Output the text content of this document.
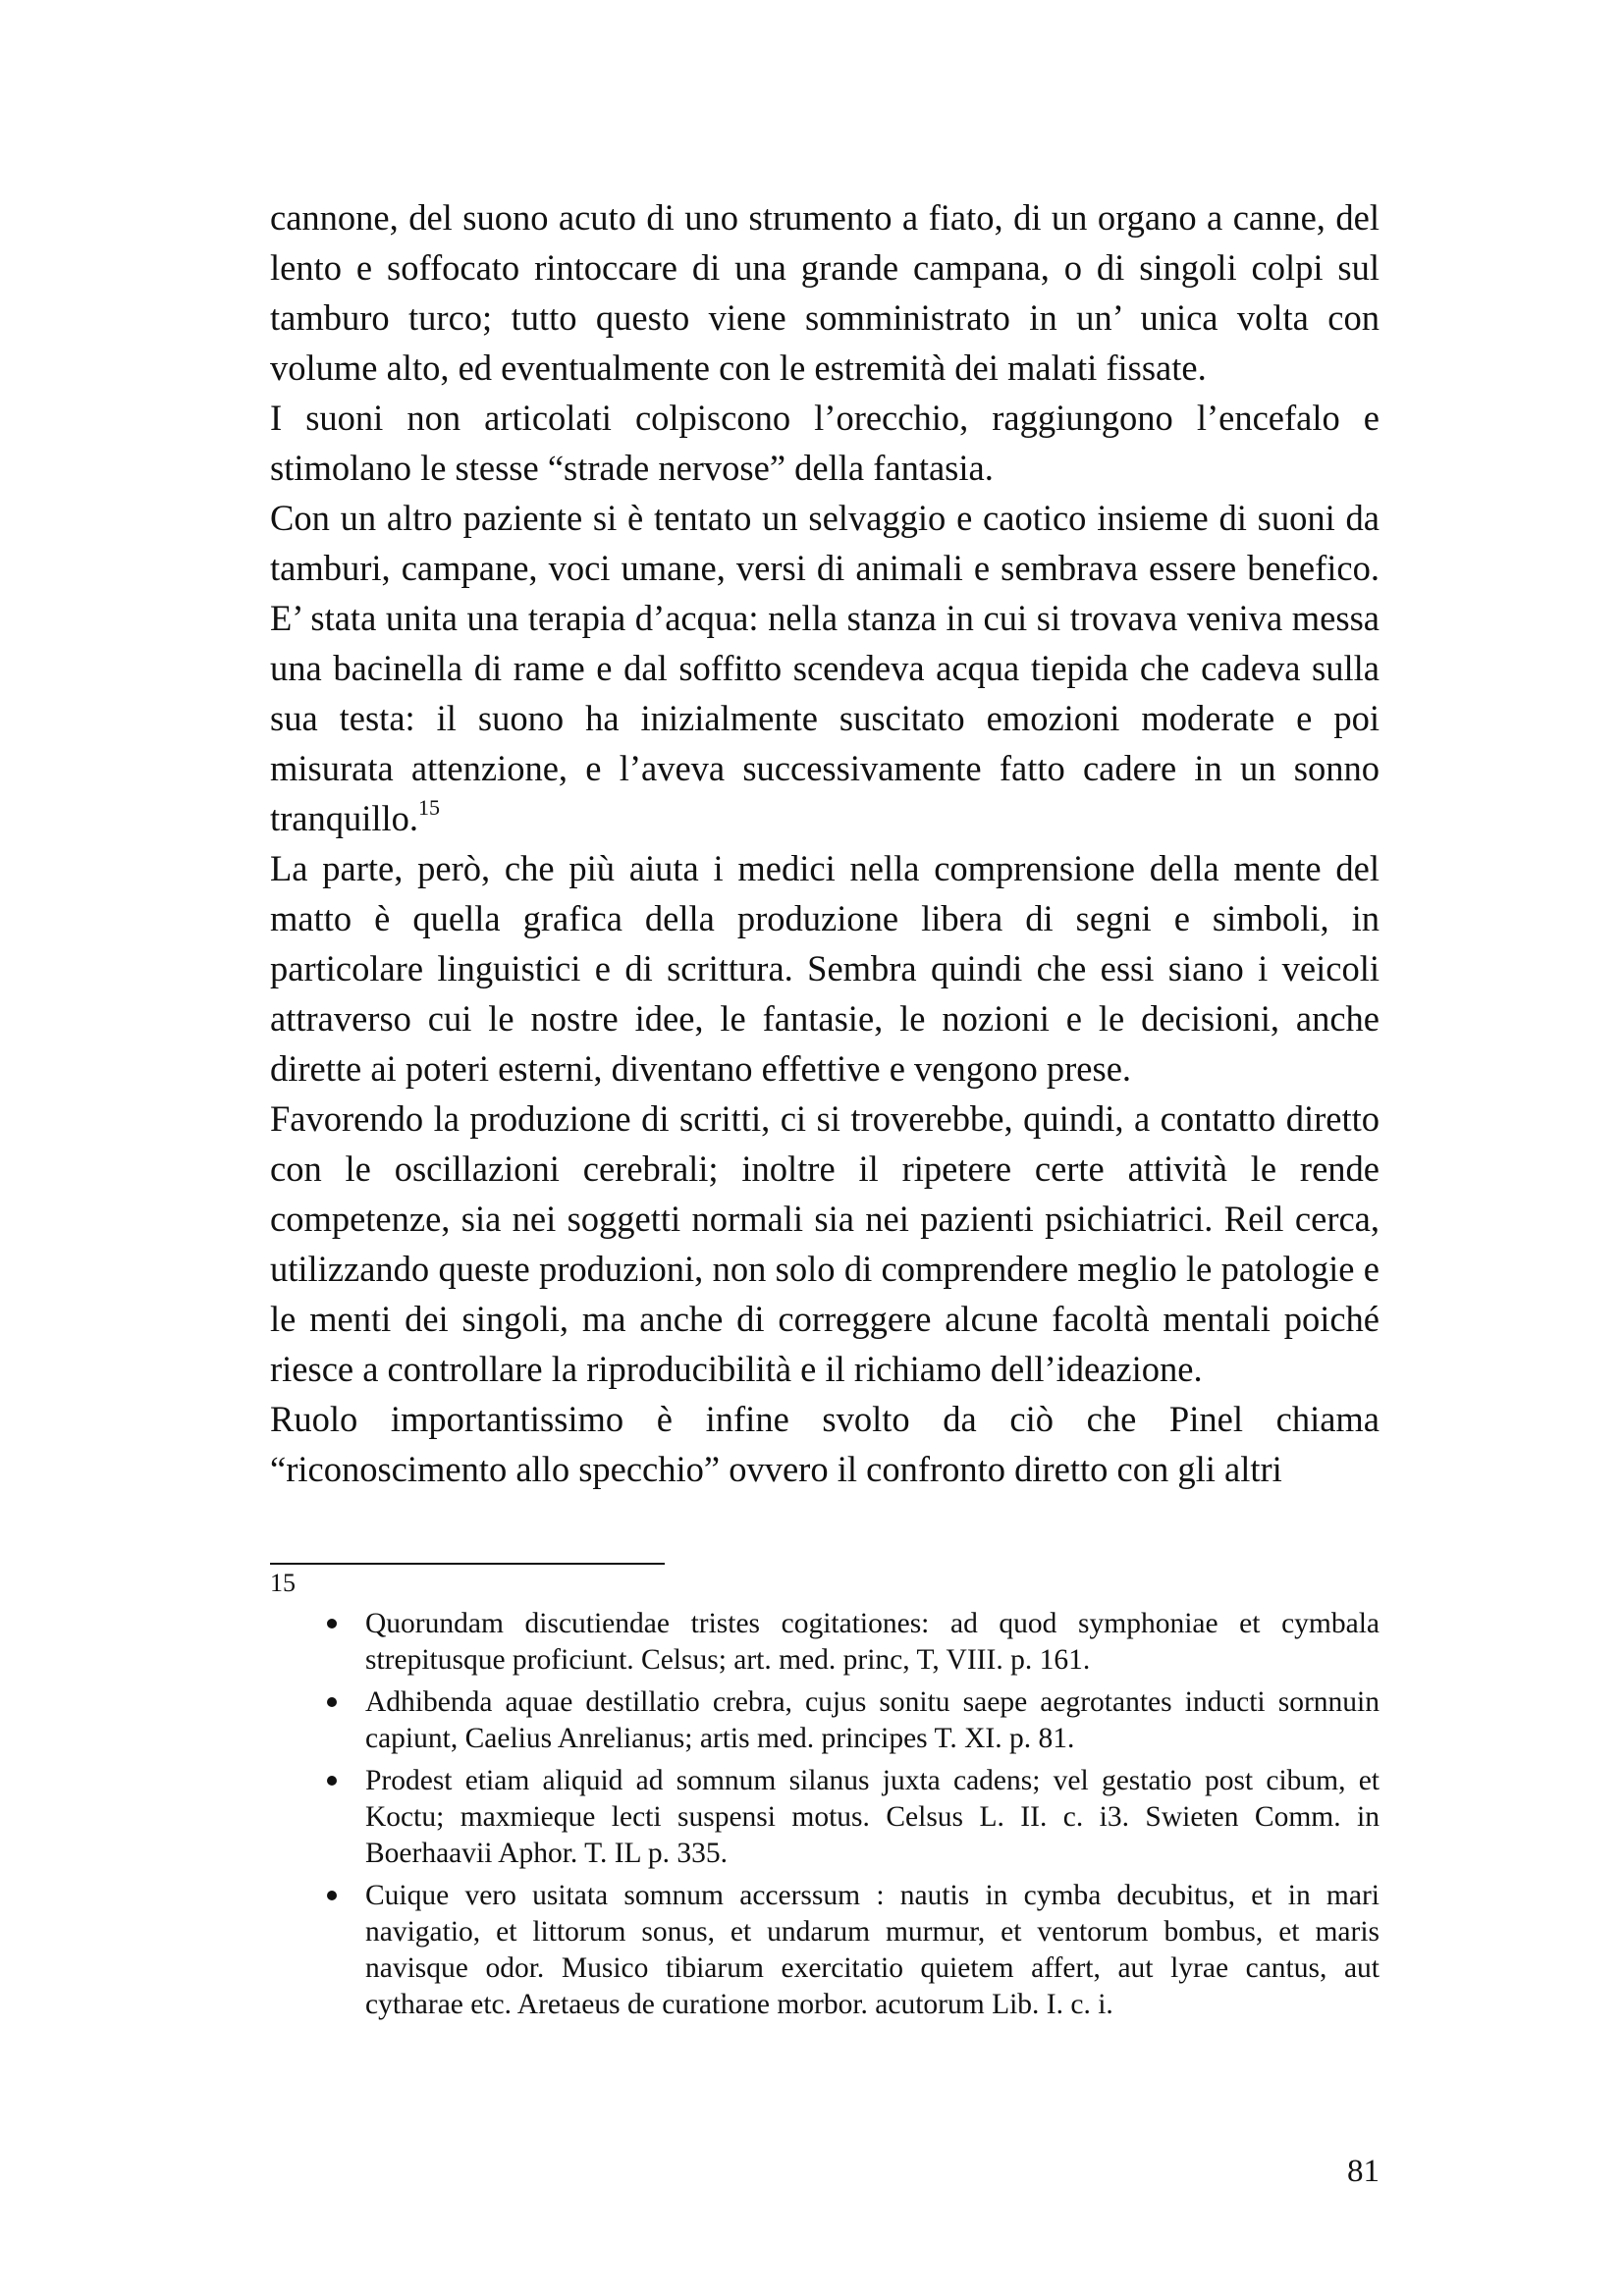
cannone, del suono acuto di uno strumento a fiato, di un organo a canne, del lento e soffocato rintoccare di una grande campana, o di singoli colpi sul tamburo turco; tutto questo viene somministrato in un’ unica volta con volume alto, ed eventualmente con le estremità dei malati fissate.

I suoni non articolati colpiscono l’orecchio, raggiungono l’encefalo e stimolano le stesse “strade nervose” della fantasia.

Con un altro paziente si è tentato un selvaggio e caotico insieme di suoni da tamburi, campane, voci umane, versi di animali e sembrava essere benefico. E’ stata unita una terapia d’acqua: nella stanza in cui si trovava veniva messa una bacinella di rame e dal soffitto scendeva acqua tiepida che cadeva sulla sua testa: il suono ha inizialmente suscitato emozioni moderate e poi misurata attenzione, e l’aveva successivamente fatto cadere in un sonno tranquillo.$^{15}$

La parte, però, che più aiuta i medici nella comprensione della mente del matto è quella grafica della produzione libera di segni e simboli, in particolare linguistici e di scrittura. Sembra quindi che essi siano i veicoli attraverso cui le nostre idee, le fantasie, le nozioni e le decisioni, anche dirette ai poteri esterni, diventano effettive e vengono prese.

Favorendo la produzione di scritti, ci si troverebbe, quindi, a contatto diretto con le oscillazioni cerebrali; inoltre il ripetere certe attività le rende competenze, sia nei soggetti normali sia nei pazienti psichiatrici. Reil cerca, utilizzando queste produzioni, non solo di comprendere meglio le patologie e le menti dei singoli, ma anche di correggere alcune facoltà mentali poiché riesce a controllare la riproducibilità e il richiamo dell’ideazione.

Ruolo importantissimo è infine svolto da ciò che Pinel chiama “riconoscimento allo specchio” ovvero il confronto diretto con gli altri

15
Quorundam discutiendae tristes cogitationes: ad quod symphoniae et cymbala strepitusque proficiunt. Celsus; art. med. princ, T, VIII. p. 161.
Adhibenda aquae destillatio crebra, cujus sonitu saepe aegrotantes inducti sornnuin capiunt, Caelius Anrelianus; artis med. principes T. XI. p. 81.
Prodest etiam aliquid ad somnum silanus juxta cadens; vel gestatio post cibum, et Koctu; maxmieque lecti suspensi motus. Celsus L. II. c. i3. Swieten Comm. in Boerhaavii Aphor. T. IL p. 335.
Cuique vero usitata somnum accerssum : nautis in cymba decubitus, et in mari navigatio, et littorum sonus, et undarum murmur, et ventorum bombus, et maris navisque odor. Musico tibiarum exercitatio quietem affert, aut lyrae cantus, aut cytharae etc. Aretaeus de curatione morbor. acutorum Lib. I. c. i.
81
